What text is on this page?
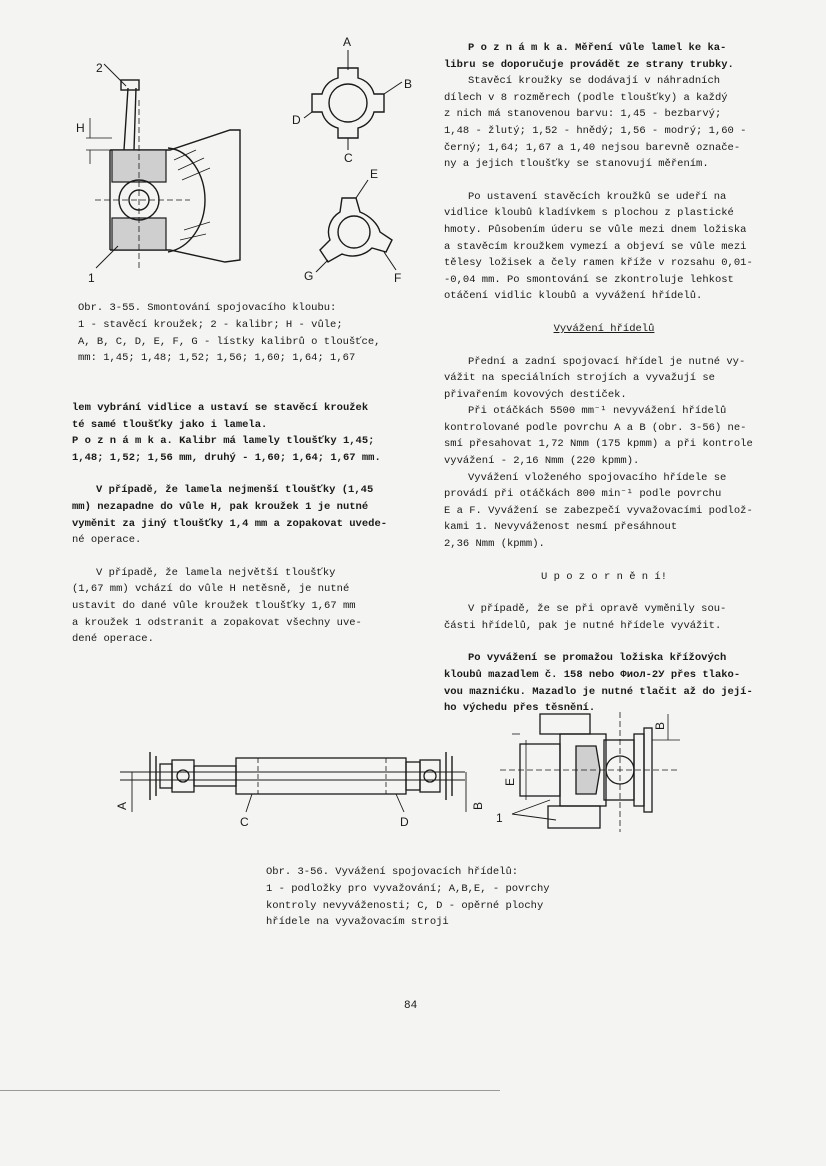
2
H
1
A
B
D
C
E
G	F

Obr. 3-55. Smontování spojovacího kloubu:

1 - stavěcí kroužek; 2 - kalibr; H - vůle;

A, B, C, D, E, F, G - lístky kalibrů o tloušťce,

mm: 1,45; 1,48; 1,52; 1,56; 1,60; 1,64; 1,67

lem vybrání vidlice a ustaví se stavěcí kroužek

té samé tloušťky jako i lamela.

P o z n á m k a. Kalibr má lamely tloušťky 1,45;

1,48; 1,52; 1,56 mm, druhý - 1,60; 1,64; 1,67 mm.

V případě, že lamela nejmenší tloušťky (1,45

mm) nezapadne do vůle H, pak kroužek 1 je nutné

vyměnit za jiný tloušťky 1,4 mm a zopakovat uvede-

né operace.

V případě, že lamela největší tloušťky

(1,67 mm) vchází do vůle H netěsně, je nutné

ustavit do dané vůle kroužek tloušťky 1,67 mm

a kroužek 1 odstranit a zopakovat všechny uve-

dené operace.

P o z n á m k a. Měření vůle lamel ke ka-

libru se doporučuje provádět ze strany trubky.

Stavěcí kroužky se dodávají v náhradních

dílech v 8 rozměrech (podle tloušťky) a každý

z nich má stanovenou barvu: 1,45 - bezbarvý;

1,48 - žlutý; 1,52 - hnědý; 1,56 - modrý; 1,60 -

černý; 1,64; 1,67 a 1,40 nejsou barevně označe-

ny a jejich tloušťky se stanovují měřením.

Po ustavení stavěcích kroužků se udeří na

vidlice kloubů kladívkem s plochou z plastické

hmoty. Působením úderu se vůle mezi dnem ložiska

a stavěcím kroužkem vymezí a objeví se vůle mezi

tělesy ložisek a čely ramen kříže v rozsahu 0,01-

-0,04 mm. Po smontování se zkontroluje lehkost

otáčení vidlic kloubů a vyvážení hřídelů.

Vyvážení hřídelů

Přední a zadní spojovací hřídel je nutné vy-

vážit na speciálních strojích a vyvažují se

přivařením kovových destiček.

Při otáčkách 5500 mm⁻¹ nevyvážení hřídelů

kontrolované podle povrchu A a B (obr. 3-56) ne-

smí přesahovat 1,72 Nmm (175 kpmm) a při kontrole

vyvážení - 2,16 Nmm (220 kpmm).

Vyvážení vloženého spojovacího hřídele se

provádí při otáčkách 800 min⁻¹ podle povrchu

E a F. Vyvážení se zabezpečí vyvažovacími podlož-

kami 1. Nevyváženost nesmí přesáhnout

2,36 Nmm (kpmm).

U p o z o r n ě n í!

V případě, že se při opravě vyměnily sou-

části hřídelů, pak je nutné hřídele vyvážit.

Po vyvážení se promažou ložiska křížových

kloubů mazadlem č. 158 nebo Фиол-2У přes tlako-

vou maznićku. Mazadlo je nutné tlačit až do její-

ho výchedu přes těsnění.

A
C	D
B
E
B
1

Obr. 3-56. Vyvážení spojovacích hřídelů:

1 - podložky pro vyvažování; A,B,E, - povrchy

kontroly nevyváženosti; C, D - opěrné plochy

hřídele na vyvažovacím stroji

84
